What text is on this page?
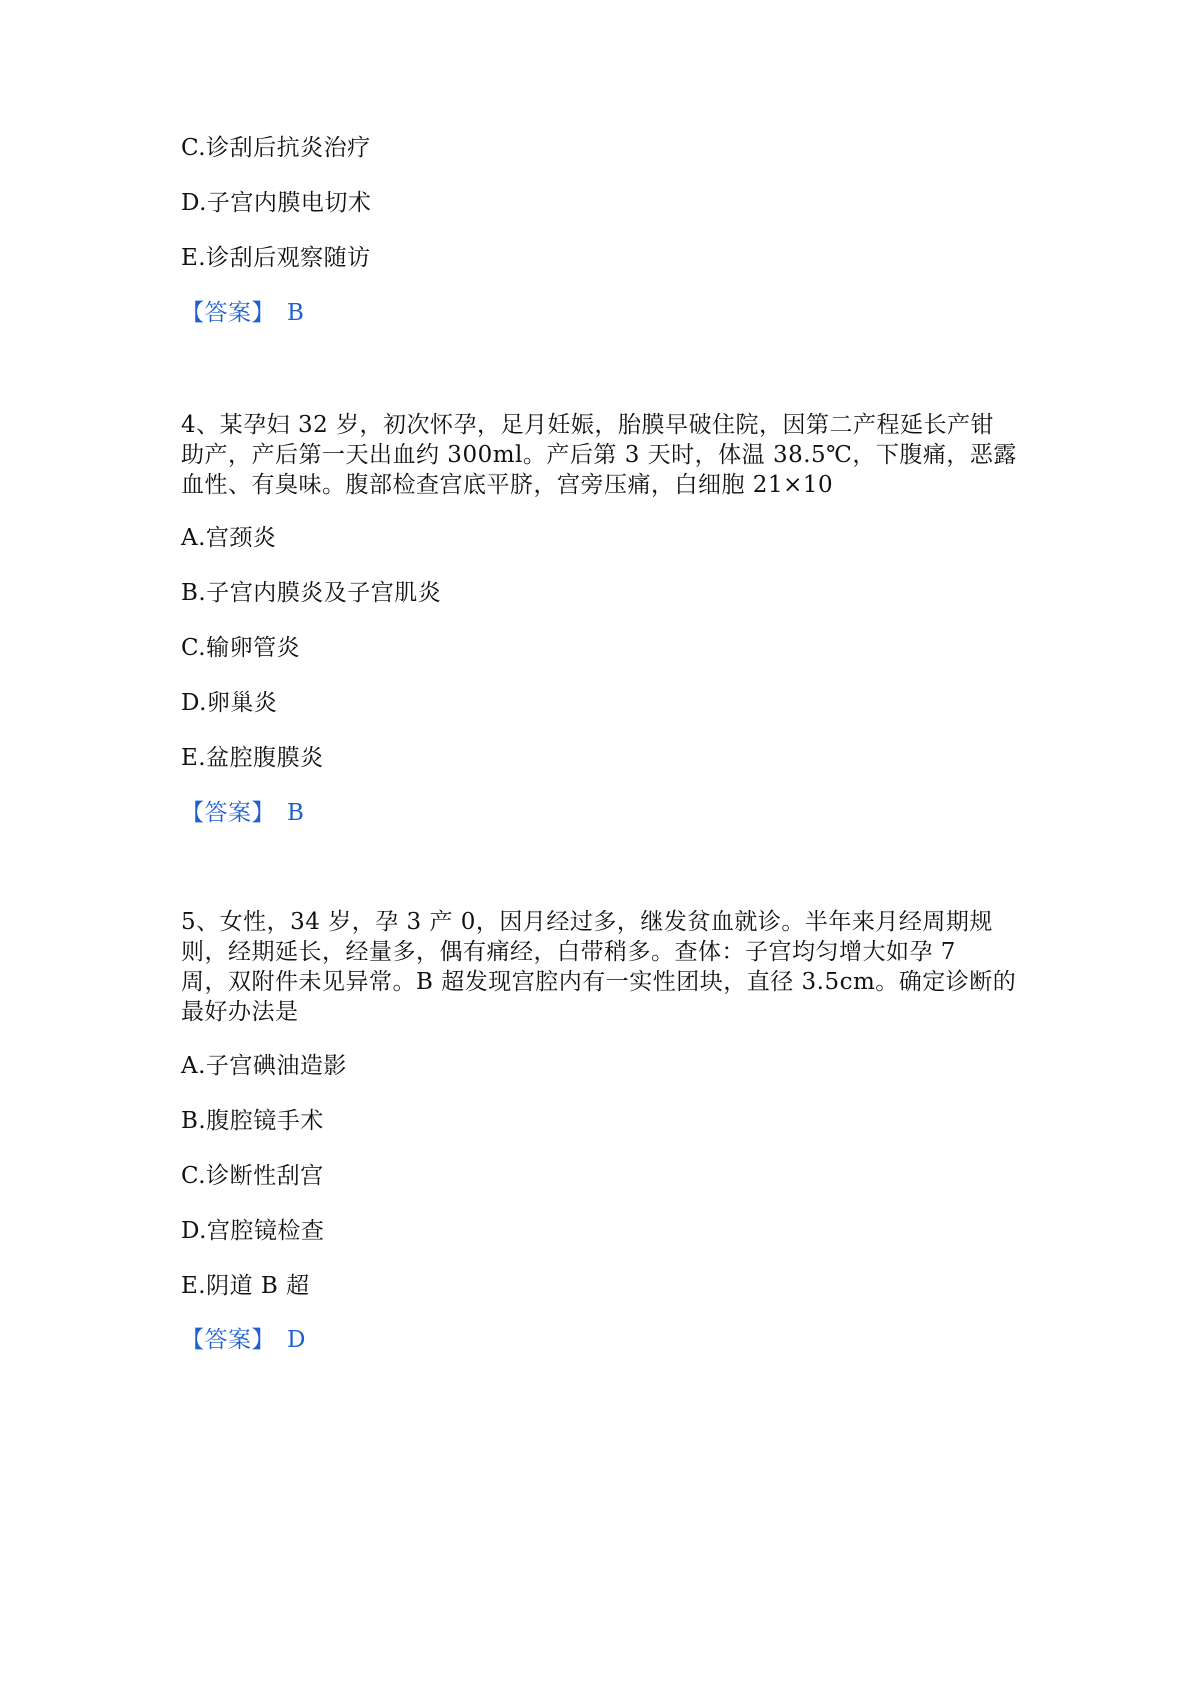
C.诊刮后抗炎治疗
D.子宫内膜电切术
E.诊刮后观察随访
【答案】 B
4、某孕妇 32 岁，初次怀孕，足月妊娠，胎膜早破住院，因第二产程延长产钳
助产，产后第一天出血约 300ml。产后第 3 天时，体温 38.5℃，下腹痛，恶露
血性、有臭味。腹部检查宫底平脐，宫旁压痛，白细胞 21×10
A.宫颈炎
B.子宫内膜炎及子宫肌炎
C.输卵管炎
D.卵巢炎
E.盆腔腹膜炎
【答案】 B
5、女性，34 岁，孕 3 产 0，因月经过多，继发贫血就诊。半年来月经周期规
则，经期延长，经量多，偶有痛经，白带稍多。查体：子宫均匀增大如孕 7
周，双附件未见异常。B 超发现宫腔内有一实性团块，直径 3.5cm。确定诊断的
最好办法是
A.子宫碘油造影
B.腹腔镜手术
C.诊断性刮宫
D.宫腔镜检查
E.阴道 B 超
【答案】 D
